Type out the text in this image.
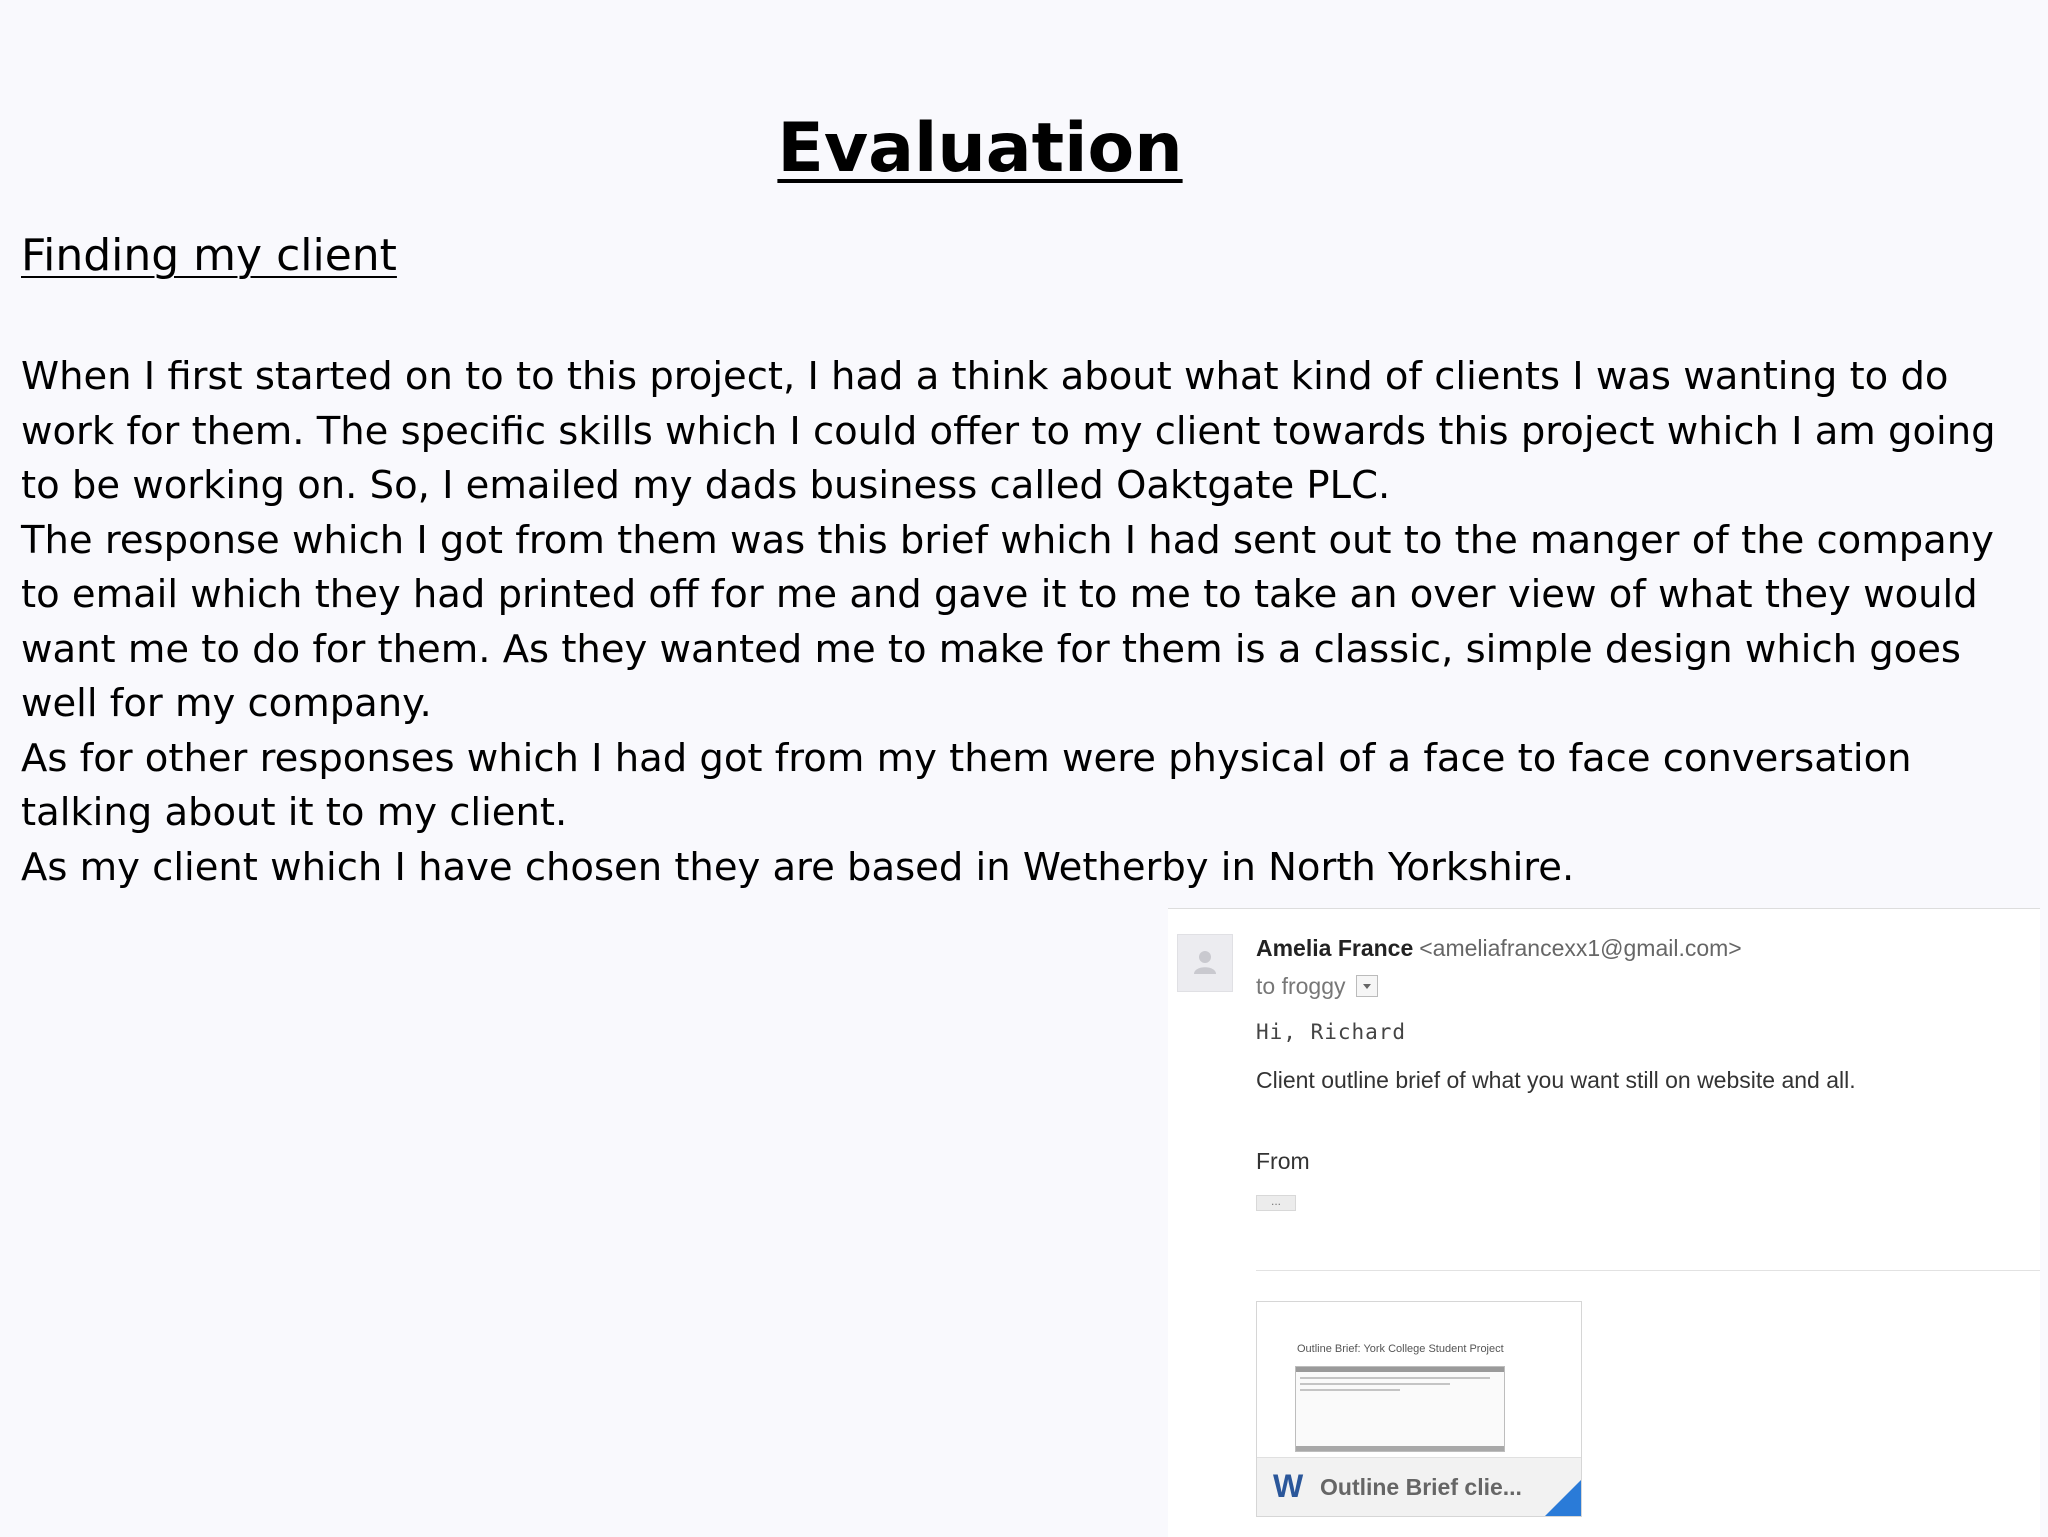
Evaluation
Finding my client

When I first started on to to this project, I had a think about what kind of clients I was wanting to do work for them. The specific skills which I could offer to my client towards this project which I am going to be working on. So, I emailed my dads business called Oaktgate PLC.

The response which I got from them was this brief which I had sent out to the manger of the company to email which they had printed off for me and gave it to me to take an over view of what they would want me to do for them. As they wanted me to make for them is a classic, simple design which goes well for my company.

As for other responses which I had got from my them were physical of a face to face conversation talking about it to my client.

As my client which I have chosen they are based in Wetherby in North Yorkshire.

Amelia France <ameliafrancexx1@gmail.com>
to froggy
Hi, Richard
Client outline brief of what you want still on website and all.
From
...
Outline Brief: York College Student Project
W Outline Brief clie...
